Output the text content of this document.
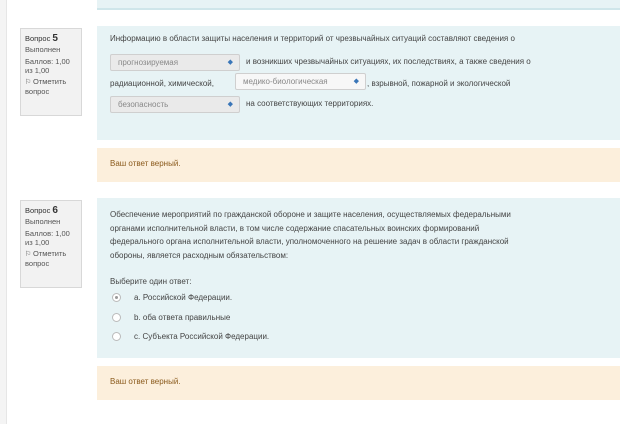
Вопрос 5
Выполнен
Баллов: 1,00
из 1,00
⚐ Отметить
вопрос
Информацию в области защиты населения и территорий от чрезвычайных ситуаций составляют сведения о
прогнозируемая	◆ и возникших чрезвычайных ситуациях, их последствиях, а также сведения о
радиационной, химической,	медико-биологическая	◆ , взрывной, пожарной и экологической
безопасность	◆ на соответствующих территориях.
Ваш ответ верный.
Вопрос 6
Выполнен
Баллов: 1,00
из 1,00
⚐ Отметить
вопрос
Обеспечение мероприятий по гражданской обороне и защите населения, осуществляемых федеральными
органами исполнительной власти, в том числе содержание спасательных воинских формирований
федерального органа исполнительной власти, уполномоченного на решение задач в области гражданской
обороны, является расходным обязательством:
Выберите один ответ:
a. Российской Федерации.
b. оба ответа правильные
c. Субъекта Российской Федерации.
Ваш ответ верный.
